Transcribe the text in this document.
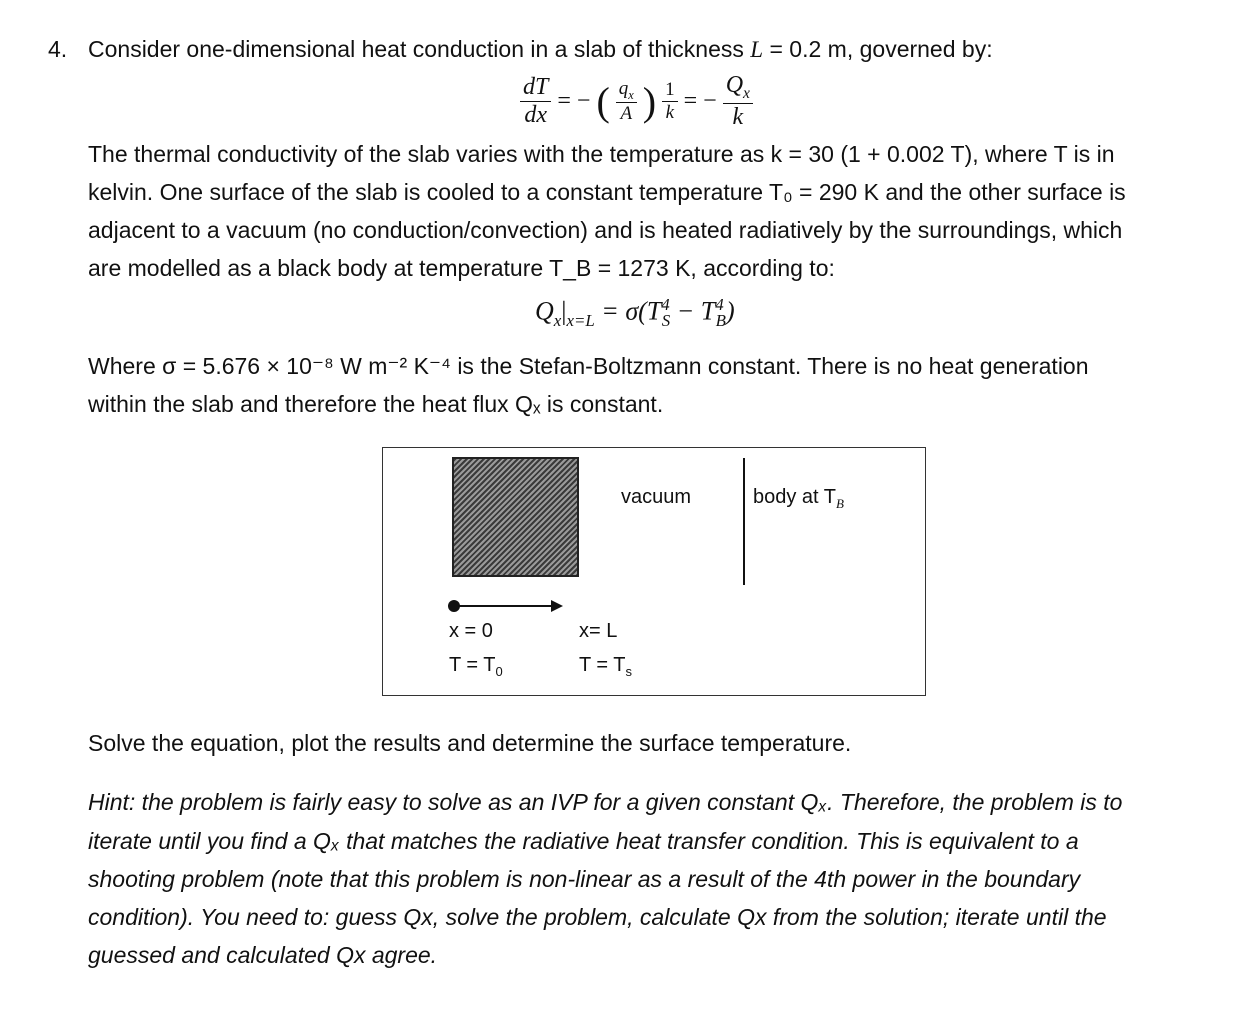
4. Consider one-dimensional heat conduction in a slab of thickness L = 0.2 m, governed by:
$\frac{dT}{dx}$ = − ( $\frac{q_x}{A}$ ) $\frac{1}{k}$ = − $\frac{Q_x}{k}$
The thermal conductivity of the slab varies with the temperature as k = 30 (1 + 0.002 T), where T is in
kelvin. One surface of the slab is cooled to a constant temperature T₀ = 290 K and the other surface is
adjacent to a vacuum (no conduction/convection) and is heated radiatively by the surroundings, which
are modelled as a black body at temperature T_B = 1273 K, according to:
$Q_x|_{x=L} = \sigma(T^4_S - T^4_B)$
Where σ = 5.676 × 10⁻⁸ W m⁻² K⁻⁴ is the Stefan-Boltzmann constant. There is no heat generation
within the slab and therefore the heat flux Qₓ is constant.
vacuum	body at $T_B$
x = 0
$T = T_0$
x= L
$T = T_s$
Solve the equation, plot the results and determine the surface temperature.
Hint: the problem is fairly easy to solve as an IVP for a given constant Qₓ. Therefore, the problem is to
iterate until you find a Qₓ that matches the radiative heat transfer condition. This is equivalent to a
shooting problem (note that this problem is non-linear as a result of the 4th power in the boundary
condition). You need to: guess Qx, solve the problem, calculate Qx from the solution; iterate until the
guessed and calculated Qx agree.
